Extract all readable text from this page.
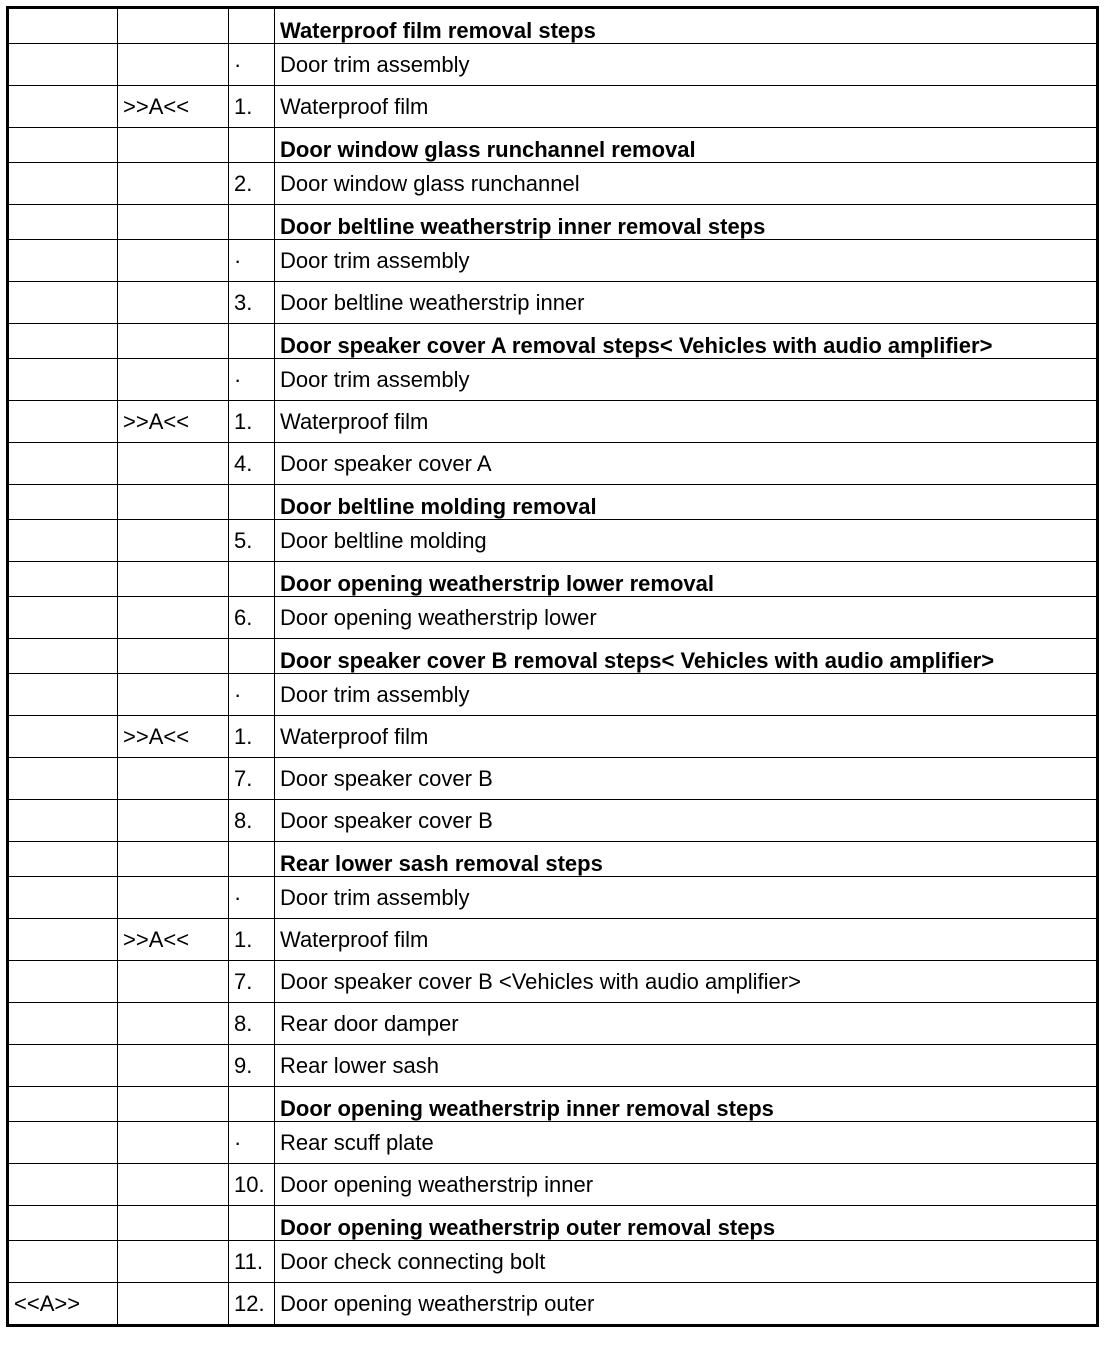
			Waterproof film removal steps
		·	Door trim assembly
	>>A<<	1.	Waterproof film
			Door window glass runchannel removal
		2.	Door window glass runchannel
			Door beltline weatherstrip inner removal steps
		·	Door trim assembly
		3.	Door beltline weatherstrip inner
			Door speaker cover A removal steps< Vehicles with audio amplifier>
		·	Door trim assembly
	>>A<<	1.	Waterproof film
		4.	Door speaker cover A
			Door beltline molding removal
		5.	Door beltline molding
			Door opening weatherstrip lower removal
		6.	Door opening weatherstrip lower
			Door speaker cover B removal steps< Vehicles with audio amplifier>
		·	Door trim assembly
	>>A<<	1.	Waterproof film
		7.	Door speaker cover B
		8.	Door speaker cover B
			Rear lower sash removal steps
		·	Door trim assembly
	>>A<<	1.	Waterproof film
		7.	Door speaker cover B <Vehicles with audio amplifier>
		8.	Rear door damper
		9.	Rear lower sash
			Door opening weatherstrip inner removal steps
		·	Rear scuff plate
		10.	Door opening weatherstrip inner
			Door opening weatherstrip outer removal steps
		11.	Door check connecting bolt
<<A>>		12.	Door opening weatherstrip outer
